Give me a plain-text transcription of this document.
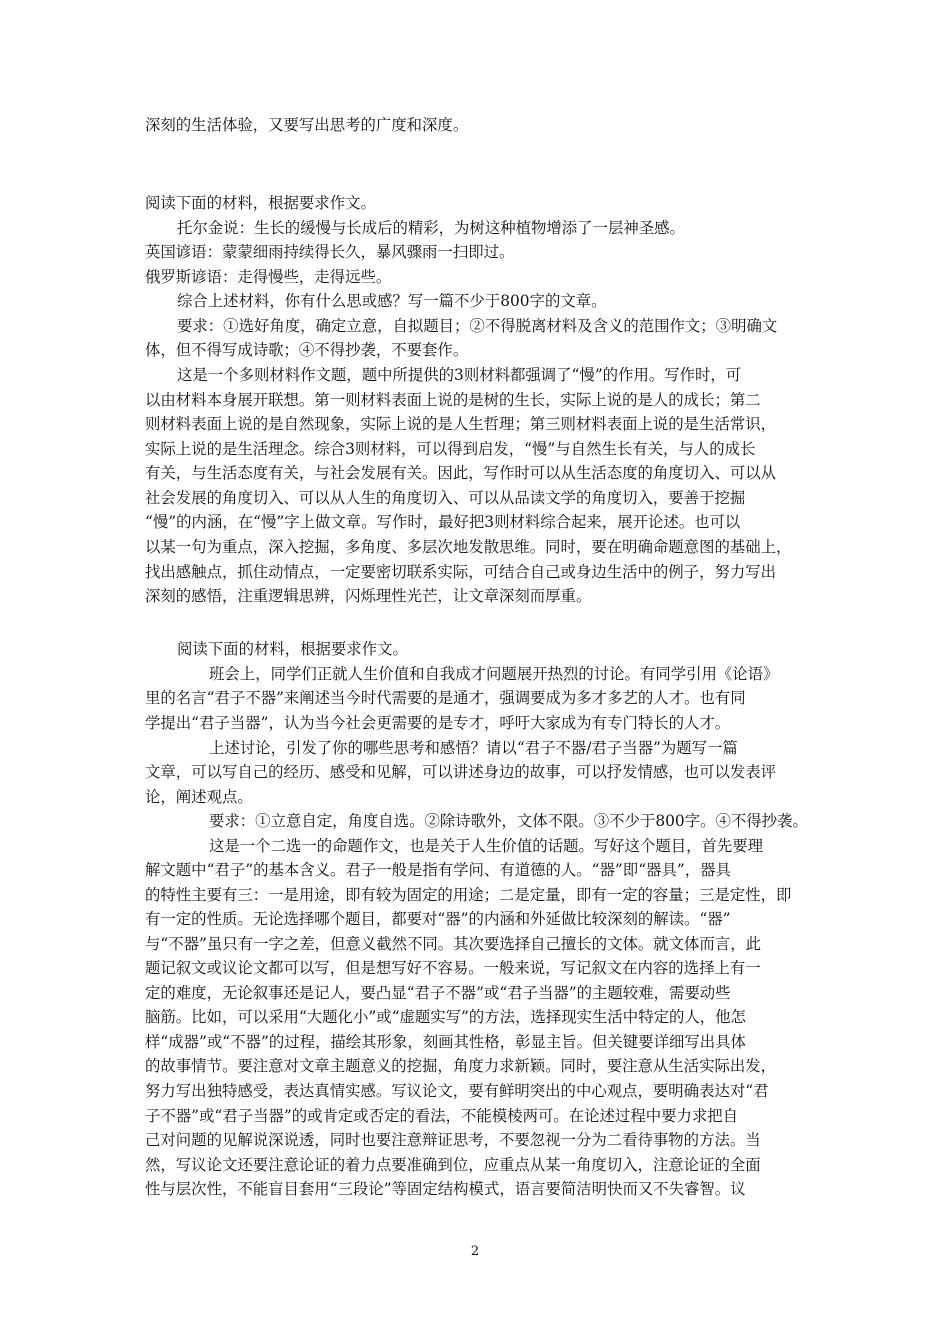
深刻的生活体验，又要写出思考的广度和深度。
阅读下面的材料，根据要求作文。
托尔金说：生长的缓慢与长成后的精彩，为树这种植物增添了一层神圣感。
英国谚语：蒙蒙细雨持续得长久，暴风骤雨一扫即过。
俄罗斯谚语：走得慢些，走得远些。
综合上述材料，你有什么思或感？写一篇不少于800字的文章。
要求：①选好角度，确定立意，自拟题目；②不得脱离材料及含义的范围作文；③明确文
体，但不得写成诗歌；④不得抄袭，不要套作。
这是一个多则材料作文题，题中所提供的3则材料都强调了“慢”的作用。写作时，可
以由材料本身展开联想。第一则材料表面上说的是树的生长，实际上说的是人的成长；第二
则材料表面上说的是自然现象，实际上说的是人生哲理；第三则材料表面上说的是生活常识，
实际上说的是生活理念。综合3则材料，可以得到启发，“慢”与自然生长有关，与人的成长
有关，与生活态度有关，与社会发展有关。因此，写作时可以从生活态度的角度切入、可以从
社会发展的角度切入、可以从人生的角度切入、可以从品读文学的角度切入，要善于挖掘
“慢”的内涵，在“慢”字上做文章。写作时，最好把3则材料综合起来，展开论述。也可以
以某一句为重点，深入挖掘，多角度、多层次地发散思维。同时，要在明确命题意图的基础上，
找出感触点，抓住动情点，一定要密切联系实际，可结合自己或身边生活中的例子，努力写出
深刻的感悟，注重逻辑思辨，闪烁理性光芒，让文章深刻而厚重。
阅读下面的材料，根据要求作文。
班会上，同学们正就人生价值和自我成才问题展开热烈的讨论。有同学引用《论语》
里的名言“君子不器”来阐述当今时代需要的是通才，强调要成为多才多艺的人才。也有同
学提出“君子当器”，认为当今社会更需要的是专才，呼吁大家成为有专门特长的人才。
上述讨论，引发了你的哪些思考和感悟？请以“君子不器/君子当器”为题写一篇
文章，可以写自己的经历、感受和见解，可以讲述身边的故事，可以抒发情感，也可以发表评
论，阐述观点。
要求：①立意自定，角度自选。②除诗歌外，文体不限。③不少于800字。④不得抄袭。
这是一个二选一的命题作文，也是关于人生价值的话题。写好这个题目，首先要理
解文题中“君子”的基本含义。君子一般是指有学问、有道德的人。“器”即“器具”，器具
的特性主要有三：一是用途，即有较为固定的用途；二是定量，即有一定的容量；三是定性，即
有一定的性质。无论选择哪个题目，都要对“器”的内涵和外延做比较深刻的解读。“器”
与“不器”虽只有一字之差，但意义截然不同。其次要选择自己擅长的文体。就文体而言，此
题记叙文或议论文都可以写，但是想写好不容易。一般来说，写记叙文在内容的选择上有一
定的难度，无论叙事还是记人，要凸显“君子不器”或“君子当器”的主题较难，需要动些
脑筋。比如，可以采用“大题化小”或“虚题实写”的方法，选择现实生活中特定的人，他怎
样“成器”或“不器”的过程，描绘其形象，刻画其性格，彰显主旨。但关键要详细写出具体
的故事情节。要注意对文章主题意义的挖掘，角度力求新颖。同时，要注意从生活实际出发，
努力写出独特感受，表达真情实感。写议论文，要有鲜明突出的中心观点，要明确表达对“君
子不器”或“君子当器”的或肯定或否定的看法，不能模棱两可。在论述过程中要力求把自
己对问题的见解说深说透，同时也要注意辩证思考，不要忽视一分为二看待事物的方法。当
然，写议论文还要注意论证的着力点要准确到位，应重点从某一角度切入，注意论证的全面
性与层次性，不能盲目套用“三段论”等固定结构模式，语言要简洁明快而又不失睿智。议
2
